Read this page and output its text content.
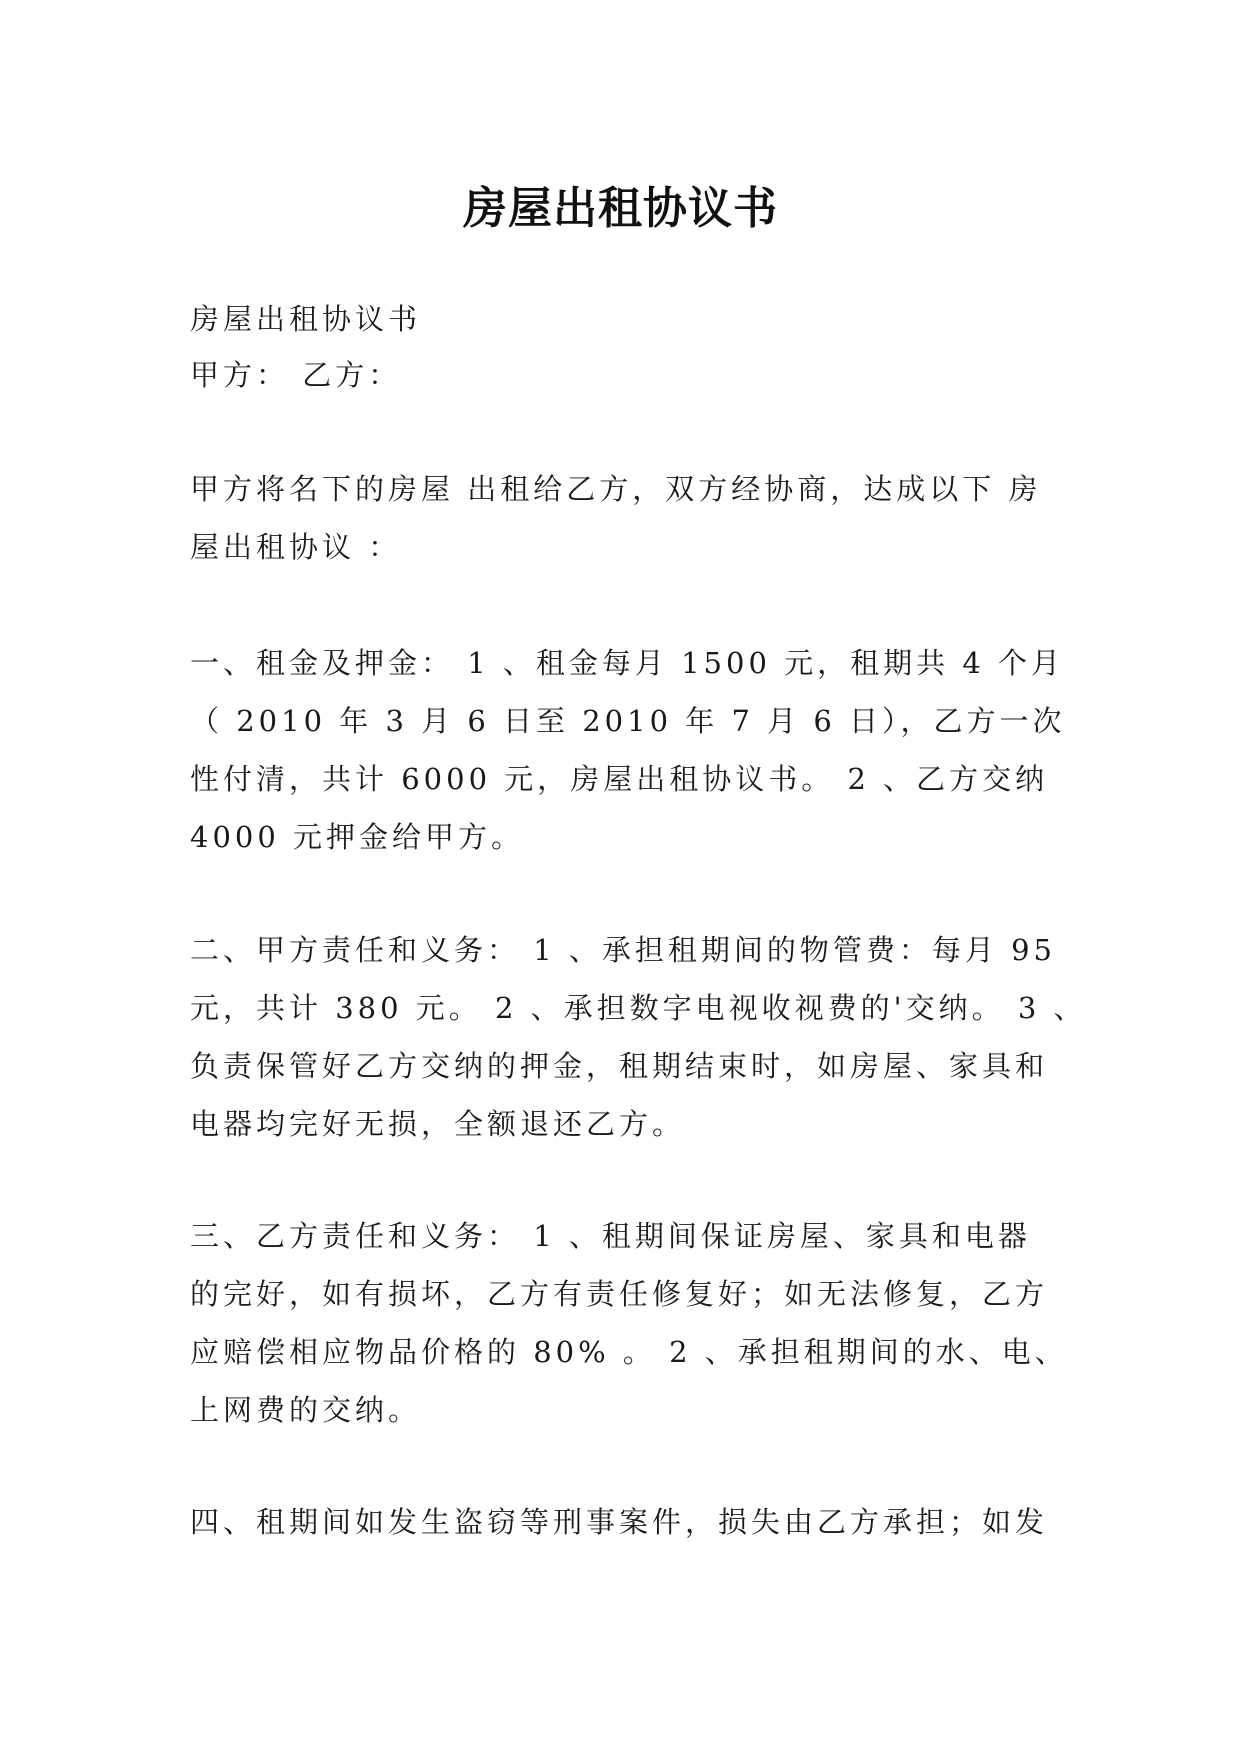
房屋出租协议书

房屋出租协议书

甲方： 乙方：

甲方将名下的房屋 出租给乙方，双方经协商，达成以下 房
屋出租协议 ：

一、租金及押金： 1 、租金每月 1500 元，租期共 4 个月
（ 2010 年 3 月 6 日至 2010 年 7 月 6 日），乙方一次
性付清，共计 6000 元，房屋出租协议书。 2 、乙方交纳
4000 元押金给甲方。

二、甲方责任和义务： 1 、承担租期间的物管费：每月 95
元，共计 380 元。 2 、承担数字电视收视费的'交纳。 3 、
负责保管好乙方交纳的押金，租期结束时，如房屋、家具和
电器均完好无损，全额退还乙方。

三、乙方责任和义务： 1 、租期间保证房屋、家具和电器
的完好，如有损坏，乙方有责任修复好；如无法修复，乙方
应赔偿相应物品价格的 80% 。 2 、承担租期间的水、电、
上网费的交纳。

四、租期间如发生盗窃等刑事案件，损失由乙方承担；如发
